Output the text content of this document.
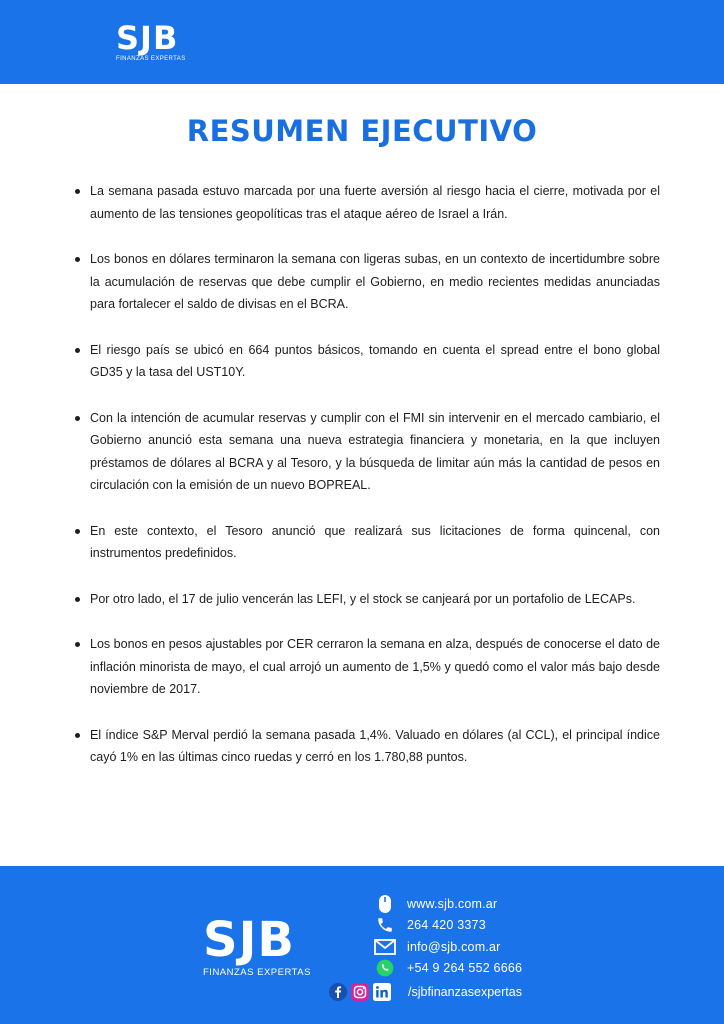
SJB
FINANZAS EXPERTAS
RESUMEN EJECUTIVO
La semana pasada estuvo marcada por una fuerte aversión al riesgo hacia el cierre, motivada por el aumento de las tensiones geopolíticas tras el ataque aéreo de Israel a Irán.
Los bonos en dólares terminaron la semana con ligeras subas, en un contexto de incertidumbre sobre la acumulación de reservas que debe cumplir el Gobierno, en medio recientes medidas anunciadas para fortalecer el saldo de divisas en el BCRA.
El riesgo país se ubicó en 664 puntos básicos, tomando en cuenta el spread entre el bono global GD35 y la tasa del UST10Y.
Con la intención de acumular reservas y cumplir con el FMI sin intervenir en el mercado cambiario, el Gobierno anunció esta semana una nueva estrategia financiera y monetaria, en la que incluyen préstamos de dólares al BCRA y al Tesoro, y la búsqueda de limitar aún más la cantidad de pesos en circulación con la emisión de un nuevo BOPREAL.
En este contexto, el Tesoro anunció que realizará sus licitaciones de forma quincenal, con instrumentos predefinidos.
Por otro lado, el 17 de julio vencerán las LEFI, y el stock se canjeará por un portafolio de LECAPs.
Los bonos en pesos ajustables por CER cerraron la semana en alza, después de conocerse el dato de inflación minorista de mayo, el cual arrojó un aumento de 1,5% y quedó como el valor más bajo desde noviembre de 2017.
El índice S&P Merval perdió la semana pasada 1,4%. Valuado en dólares (al CCL), el principal índice cayó 1% en las últimas cinco ruedas y cerró en los 1.780,88 puntos.
SJB
FINANZAS EXPERTAS
www.sjb.com.ar
264 420 3373
info@sjb.com.ar
+54 9 264 552 6666
/sjbfinanzasexpertas
